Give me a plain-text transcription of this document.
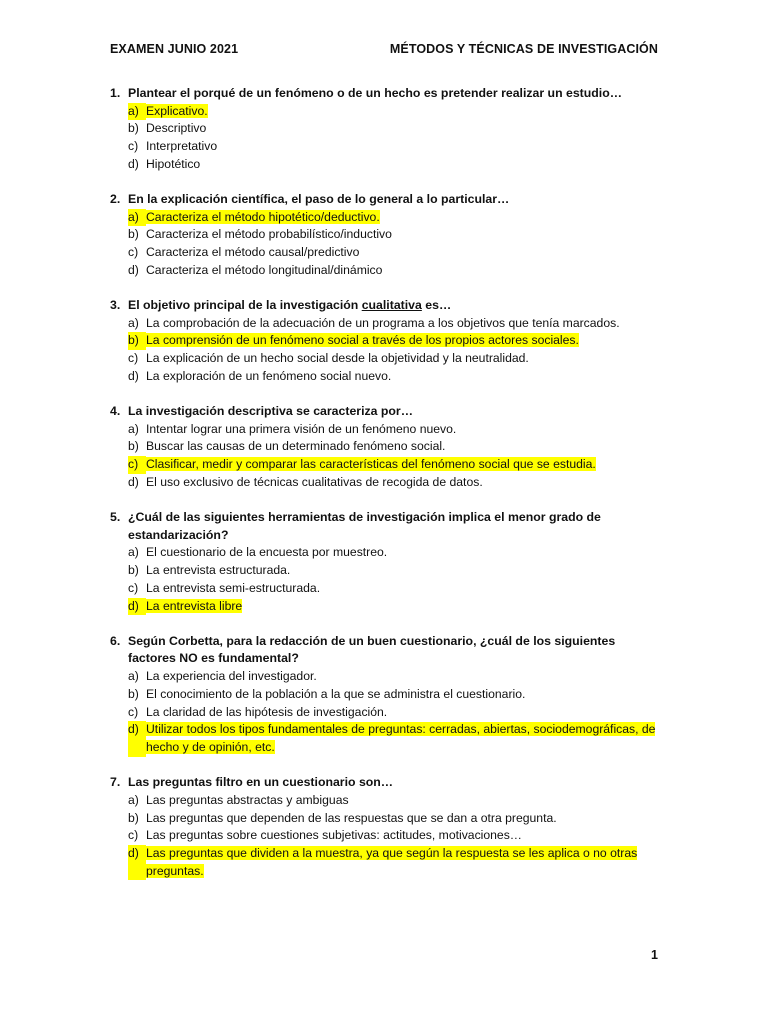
EXAMEN JUNIO 2021	MÉTODOS Y TÉCNICAS DE INVESTIGACIÓN
1. Plantear el porqué de un fenómeno o de un hecho es pretender realizar un estudio…
a) Explicativo.
b) Descriptivo
c) Interpretativo
d) Hipotético
2. En la explicación científica, el paso de lo general a lo particular…
a) Caracteriza el método hipotético/deductivo.
b) Caracteriza el método probabilístico/inductivo
c) Caracteriza el método causal/predictivo
d) Caracteriza el método longitudinal/dinámico
3. El objetivo principal de la investigación cualitativa es…
a) La comprobación de la adecuación de un programa a los objetivos que tenía marcados.
b) La comprensión de un fenómeno social a través de los propios actores sociales.
c) La explicación de un hecho social desde la objetividad y la neutralidad.
d) La exploración de un fenómeno social nuevo.
4. La investigación descriptiva se caracteriza por…
a) Intentar lograr una primera visión de un fenómeno nuevo.
b) Buscar las causas de un determinado fenómeno social.
c) Clasificar, medir y comparar las características del fenómeno social que se estudia.
d) El uso exclusivo de técnicas cualitativas de recogida de datos.
5. ¿Cuál de las siguientes herramientas de investigación implica el menor grado de estandarización?
a) El cuestionario de la encuesta por muestreo.
b) La entrevista estructurada.
c) La entrevista semi-estructurada.
d) La entrevista libre
6. Según Corbetta, para la redacción de un buen cuestionario, ¿cuál de los siguientes factores NO es fundamental?
a) La experiencia del investigador.
b) El conocimiento de la población a la que se administra el cuestionario.
c) La claridad de las hipótesis de investigación.
d) Utilizar todos los tipos fundamentales de preguntas: cerradas, abiertas, sociodemográficas, de hecho y de opinión, etc.
7. Las preguntas filtro en un cuestionario son…
a) Las preguntas abstractas y ambiguas
b) Las preguntas que dependen de las respuestas que se dan a otra pregunta.
c) Las preguntas sobre cuestiones subjetivas: actitudes, motivaciones…
d) Las preguntas que dividen a la muestra, ya que según la respuesta se les aplica o no otras preguntas.
1
